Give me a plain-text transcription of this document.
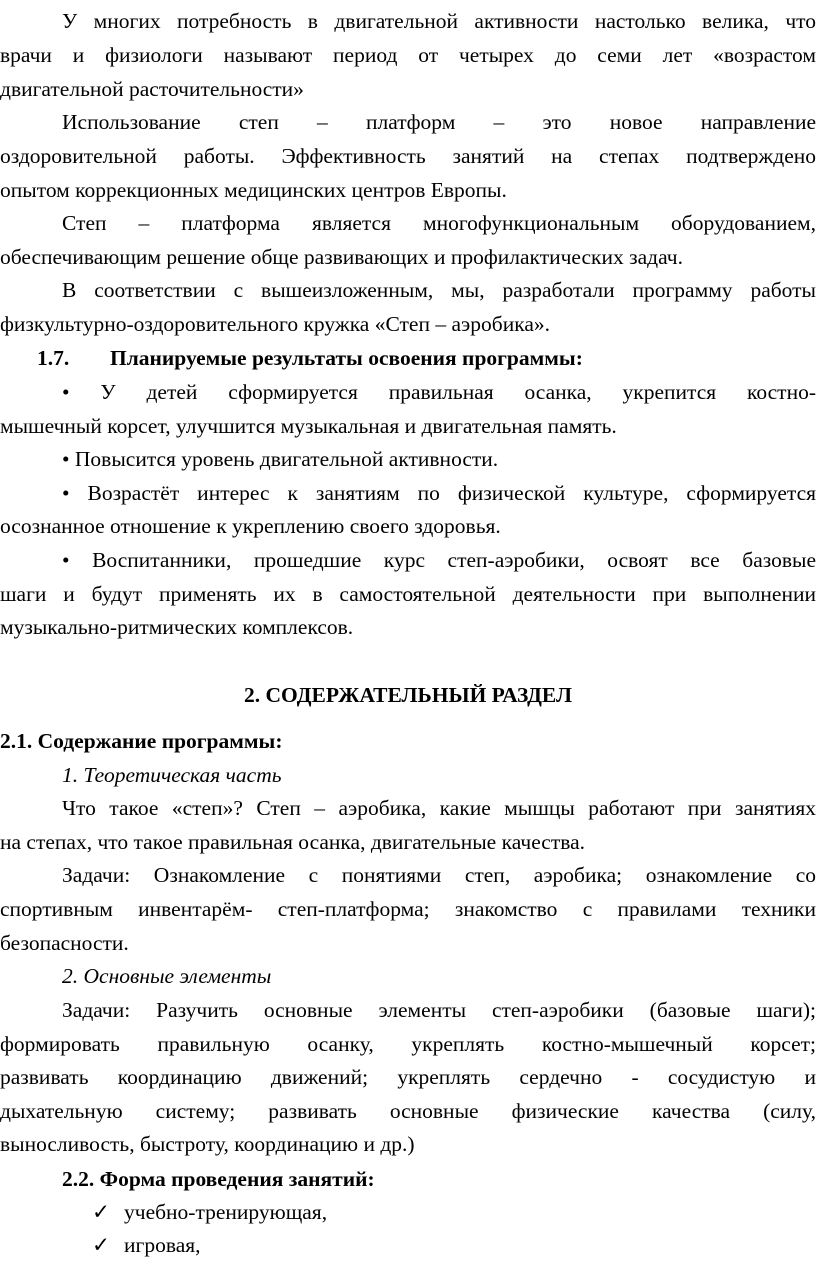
У многих потребность в двигательной активности настолько велика, что
врачи и физиологи называют период от четырех до семи лет «возрастом
двигательной расточительности»
Использование степ – платформ – это новое направление
оздоровительной работы. Эффективность занятий на степах подтверждено
опытом коррекционных медицинских центров Европы.
Степ – платформа является многофункциональным оборудованием,
обеспечивающим решение обще развивающих и профилактических задач.
В соответствии с вышеизложенным, мы, разработали программу работы
физкультурно-оздоровительного кружка «Степ – аэробика».
1.7. Планируемые результаты освоения программы:
• У детей сформируется правильная осанка, укрепится костно-
мышечный корсет, улучшится музыкальная и двигательная память.
• Повысится уровень двигательной активности.
• Возрастёт интерес к занятиям по физической культуре, сформируется
осознанное отношение к укреплению своего здоровья.
• Воспитанники, прошедшие курс степ-аэробики, освоят все базовые
шаги и будут применять их в самостоятельной деятельности при выполнении
музыкально-ритмических комплексов.
2. СОДЕРЖАТЕЛЬНЫЙ РАЗДЕЛ
2.1. Содержание программы:
1. Теоретическая часть
Что такое «степ»? Степ – аэробика, какие мышцы работают при занятиях
на степах, что такое правильная осанка, двигательные качества.
Задачи: Ознакомление с понятиями степ, аэробика; ознакомление со
спортивным инвентарём- степ-платформа; знакомство с правилами техники
безопасности.
2. Основные элементы
Задачи: Разучить основные элементы степ-аэробики (базовые шаги);
формировать правильную осанку, укреплять костно-мышечный корсет;
развивать координацию движений; укреплять сердечно - сосудистую и
дыхательную систему; развивать основные физические качества (силу,
выносливость, быстроту, координацию и др.)
2.2. Форма проведения занятий:
✓ учебно-тренирующая,
✓ игровая,
